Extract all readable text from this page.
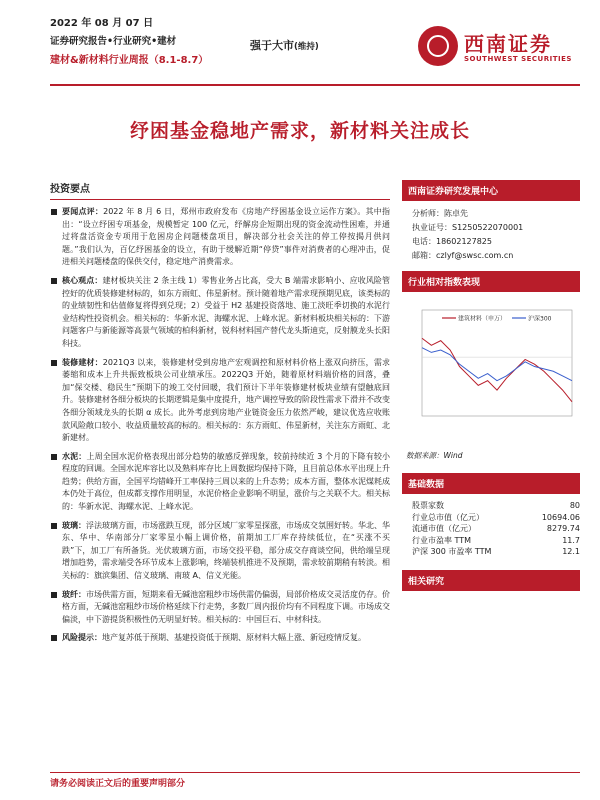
2022 年 08 月 07 日
证券研究报告•行业研究•建材
建材&新材料行业周报（8.1-8.7）
强于大市(维持)	西南证券
SOUTHWEST SECURITIES
纾困基金稳地产需求，新材料关注成长
投资要点
要闻点评：2022 年 8 月 6 日，郑州市政府发布《房地产纾困基金设立运作方案》。其中指出：“设立纾困专项基金，规模暂定 100 亿元，纾解房企短期出现的资金流动性困难，并通过将盘活资金专项用于危困房企问题楼盘项目，解决部分社会关注的停工停按揭月供问题。”我们认为，百亿纾困基金的设立，有助于缓解近期“停贷”事件对消费者的心理冲击，促进相关问题楼盘的保供交付，稳定地产消费需求。
核心观点：建材板块关注 2 条主线 1）零售业务占比高，受大 B 端需求影响小、应收风险管控好的优质装修建材标的，如东方雨虹、伟星新材。预计随着地产需求现预期见底，该类标的的业绩韧性和估值修复将得到兑现；2）受益于 H2 基建投资落地、施工淡旺季切换的水泥行业结构性投资机会。相关标的：华新水泥、海螺水泥、上峰水泥。新材料板块相关标的：下游问题客户与新能源等高景气领域的柏科新材，锐科材料国产替代龙头斯迪克，反射膜龙头长阳科技。
装修建材：2021Q3 以来，装修建材受到房地产宏观调控和原材料价格上涨双向挤压，需求萎缩和成本上升共振致板块公司业绩承压。2022Q3 开始，随着原材料端价格的回落，叠加“保交楼、稳民生”预期下的竣工交付回暖，我们预计下半年装修建材板块业绩有望触底回升。装修建材各细分板块的长期逻辑是集中度提升，地产调控导致的阶段性需求下滑并不改变各细分领域龙头的长期 α 成长。此外考虑到房地产业链资金压力依然严峻，建议优选应收账款风险敞口较小、收益质量较高的标的。相关标的：东方雨虹、伟星新材，关注东方雨虹、北新建材。
水泥：上周全国水泥价格表现出部分趋势的敏感反弹现象，较前持续近 3 个月的下降有较小程度的回调。全国水泥库容比以及熟料库存比上周数据均保持下降，且目前总体水平出现上升趋势；供给方面，全国平均错峰开工率保持三周以来的上升态势；成本方面，整体水泥煤耗成本仍处于高位，但成都支撑作用明显，水泥价格企业影响不明显，涨价与之关联不大。相关标的：华新水泥、海螺水泥、上峰水泥。
玻璃：浮法玻璃方面，市场涨跌互现，部分区域厂家零星探涨，市场成交氛围好转。华北、华东、华中、华南部分厂家零星小幅上调价格，前期加工厂库存持续低位，在“买涨不买跌”下，加工厂有所备货。光伏玻璃方面，市场交投平稳，部分成交存商谈空间，供给端呈现增加趋势，需求端受各环节成本上涨影响，终端装机推进不及预期，需求较前期稍有转淡。相关标的：旗滨集团、信义玻璃、南玻 A、信义光能。
玻纤：市场供需方面，短期来看无碱池窑粗纱市场供需仍偏弱，局部价格成交灵活度仍存。价格方面，无碱池窑粗纱市场价格延续下行走势，多数厂周内报价均有不同程度下调。市场成交偏淡，中下游提货积极性仍无明显好转。相关标的：中国巨石、中材科技。
风险提示：地产复苏低于预期、基建投资低于预期、原材料大幅上涨、新冠疫情反复。
西南证券研究发展中心
分析师：陈卓先
执业证号：S1250522070001
电话：18602127825
邮箱：czlyf@swsc.com.cn
行业相对指数表现
建筑材料（申万）	沪深300
数据来源：Wind
基础数据
股票家数	80
行业总市值（亿元）	10694.06
流通市值（亿元）	8279.74
行业市盈率 TTM	11.7
沪深 300 市盈率 TTM	12.1
相关研究
请务必阅读正文后的重要声明部分
